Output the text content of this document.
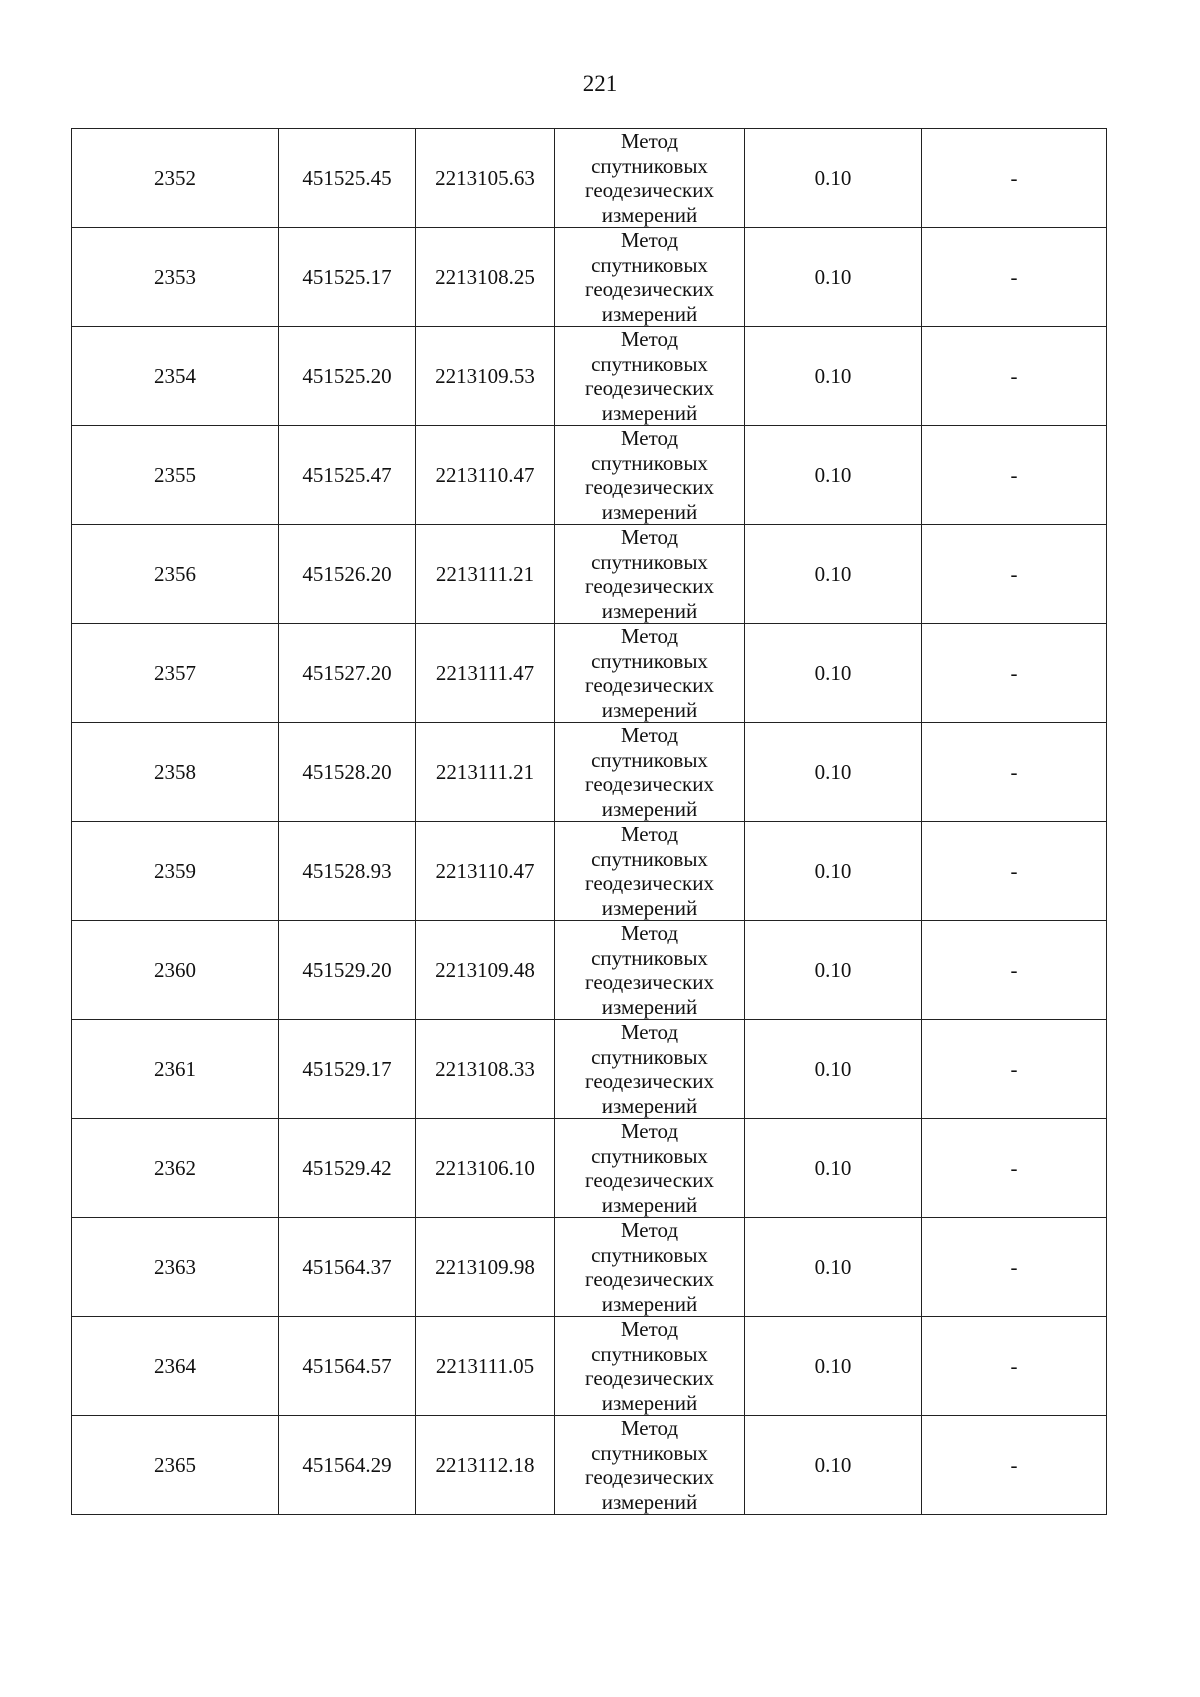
221
2352	451525.45	2213105.63	Метод
спутниковых
геодезических
измерений	0.10	-
2353	451525.17	2213108.25	Метод
спутниковых
геодезических
измерений	0.10	-
2354	451525.20	2213109.53	Метод
спутниковых
геодезических
измерений	0.10	-
2355	451525.47	2213110.47	Метод
спутниковых
геодезических
измерений	0.10	-
2356	451526.20	2213111.21	Метод
спутниковых
геодезических
измерений	0.10	-
2357	451527.20	2213111.47	Метод
спутниковых
геодезических
измерений	0.10	-
2358	451528.20	2213111.21	Метод
спутниковых
геодезических
измерений	0.10	-
2359	451528.93	2213110.47	Метод
спутниковых
геодезических
измерений	0.10	-
2360	451529.20	2213109.48	Метод
спутниковых
геодезических
измерений	0.10	-
2361	451529.17	2213108.33	Метод
спутниковых
геодезических
измерений	0.10	-
2362	451529.42	2213106.10	Метод
спутниковых
геодезических
измерений	0.10	-
2363	451564.37	2213109.98	Метод
спутниковых
геодезических
измерений	0.10	-
2364	451564.57	2213111.05	Метод
спутниковых
геодезических
измерений	0.10	-
2365	451564.29	2213112.18	Метод
спутниковых
геодезических
измерений	0.10	-
